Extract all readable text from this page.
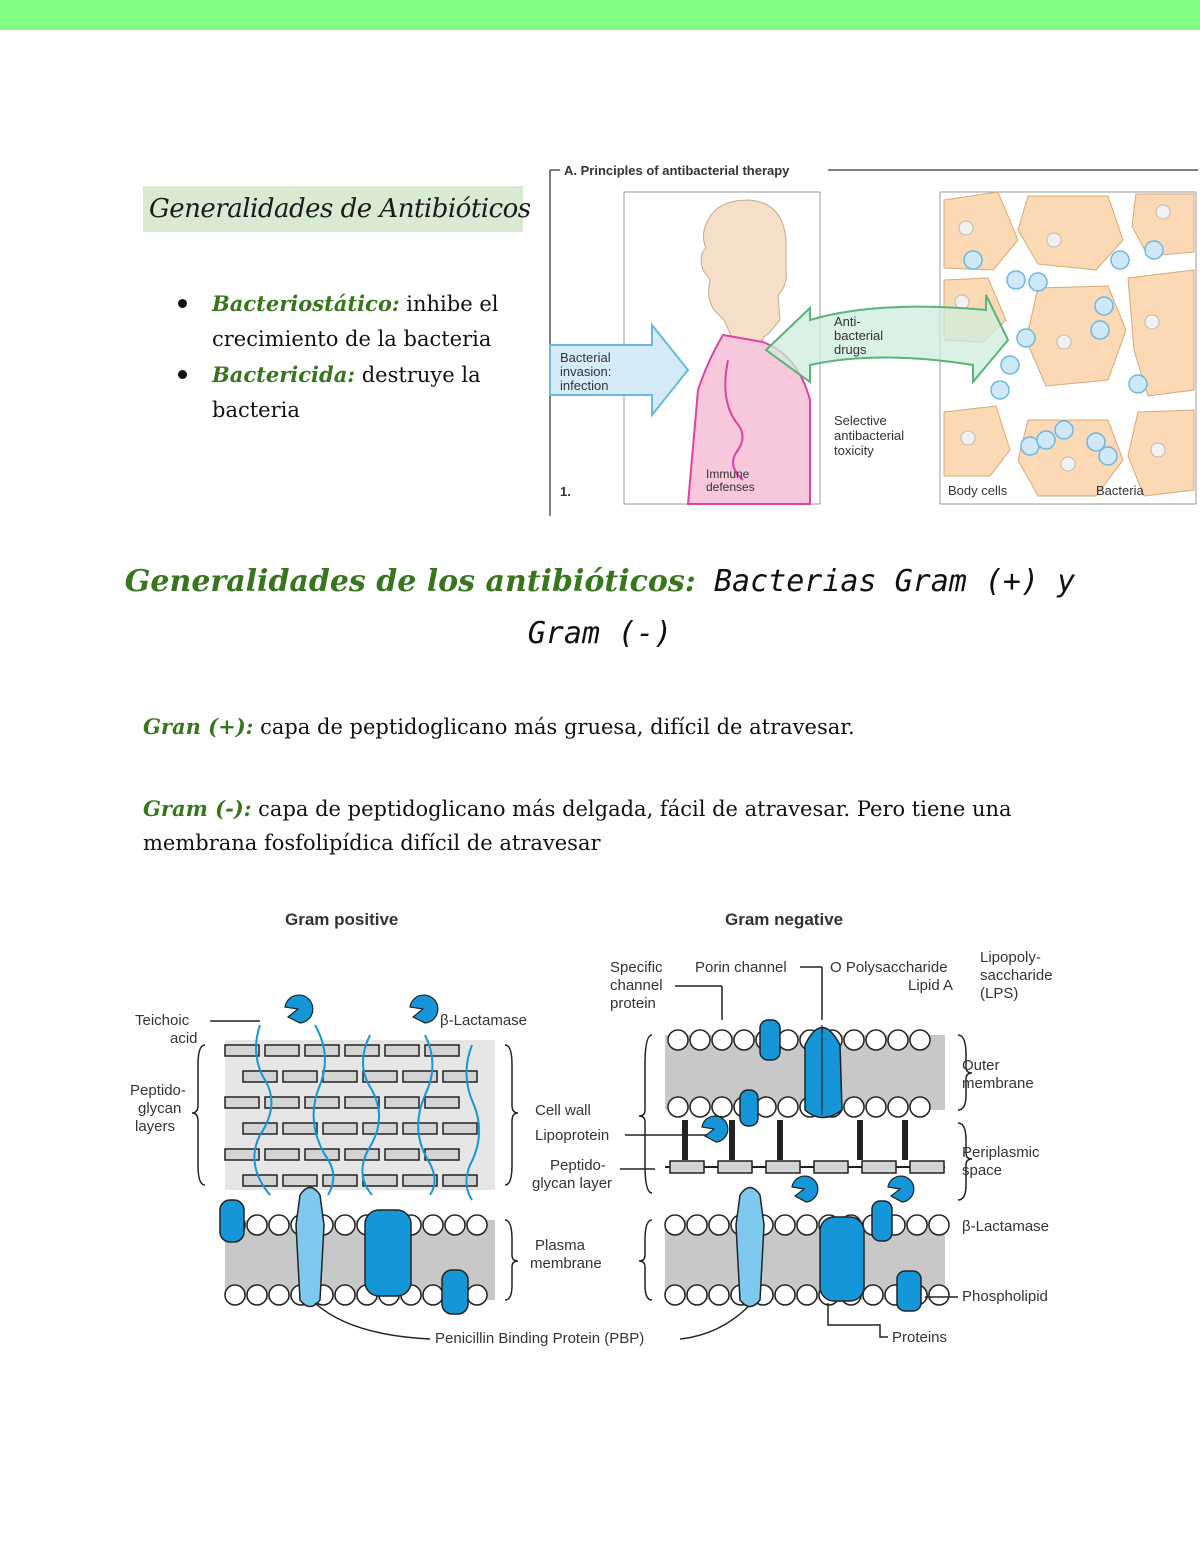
Generalidades de Antibióticos
Bacteriostático: inhibe el crecimiento de la bacteria
Bactericida: destruye la bacteria
A. Principles of antibacterial therapy
Immune
defenses
1.
Bacterial
invasion:
infection
Body cells	Bacteria
Anti-
bacterial
drugs
Selective
antibacterial
toxicity
Generalidades de los antibióticos: Bacterias Gram (+) y
Gram (-)
Gran (+): capa de peptidoglicano más gruesa, difícil de atravesar.
Gram (-): capa de peptidoglicano más delgada, fácil de atravesar. Pero tiene una
membrana fosfolipídica difícil de atravesar
Gram positive	Gram negative
Teichoic
acid
β-Lactamase
Peptido-
glycan
layers
Plasma
membrane
Cell wall
Lipoprotein
Peptido-
glycan layer
Penicillin Binding Protein (PBP)
Specific
channel
protein
Porin channel	O Polysaccharide
Lipid A
Lipopoly-
saccharide
(LPS)
Outer
membrane
Periplasmic
space
β-Lactamase
Phospholipid
Proteins
